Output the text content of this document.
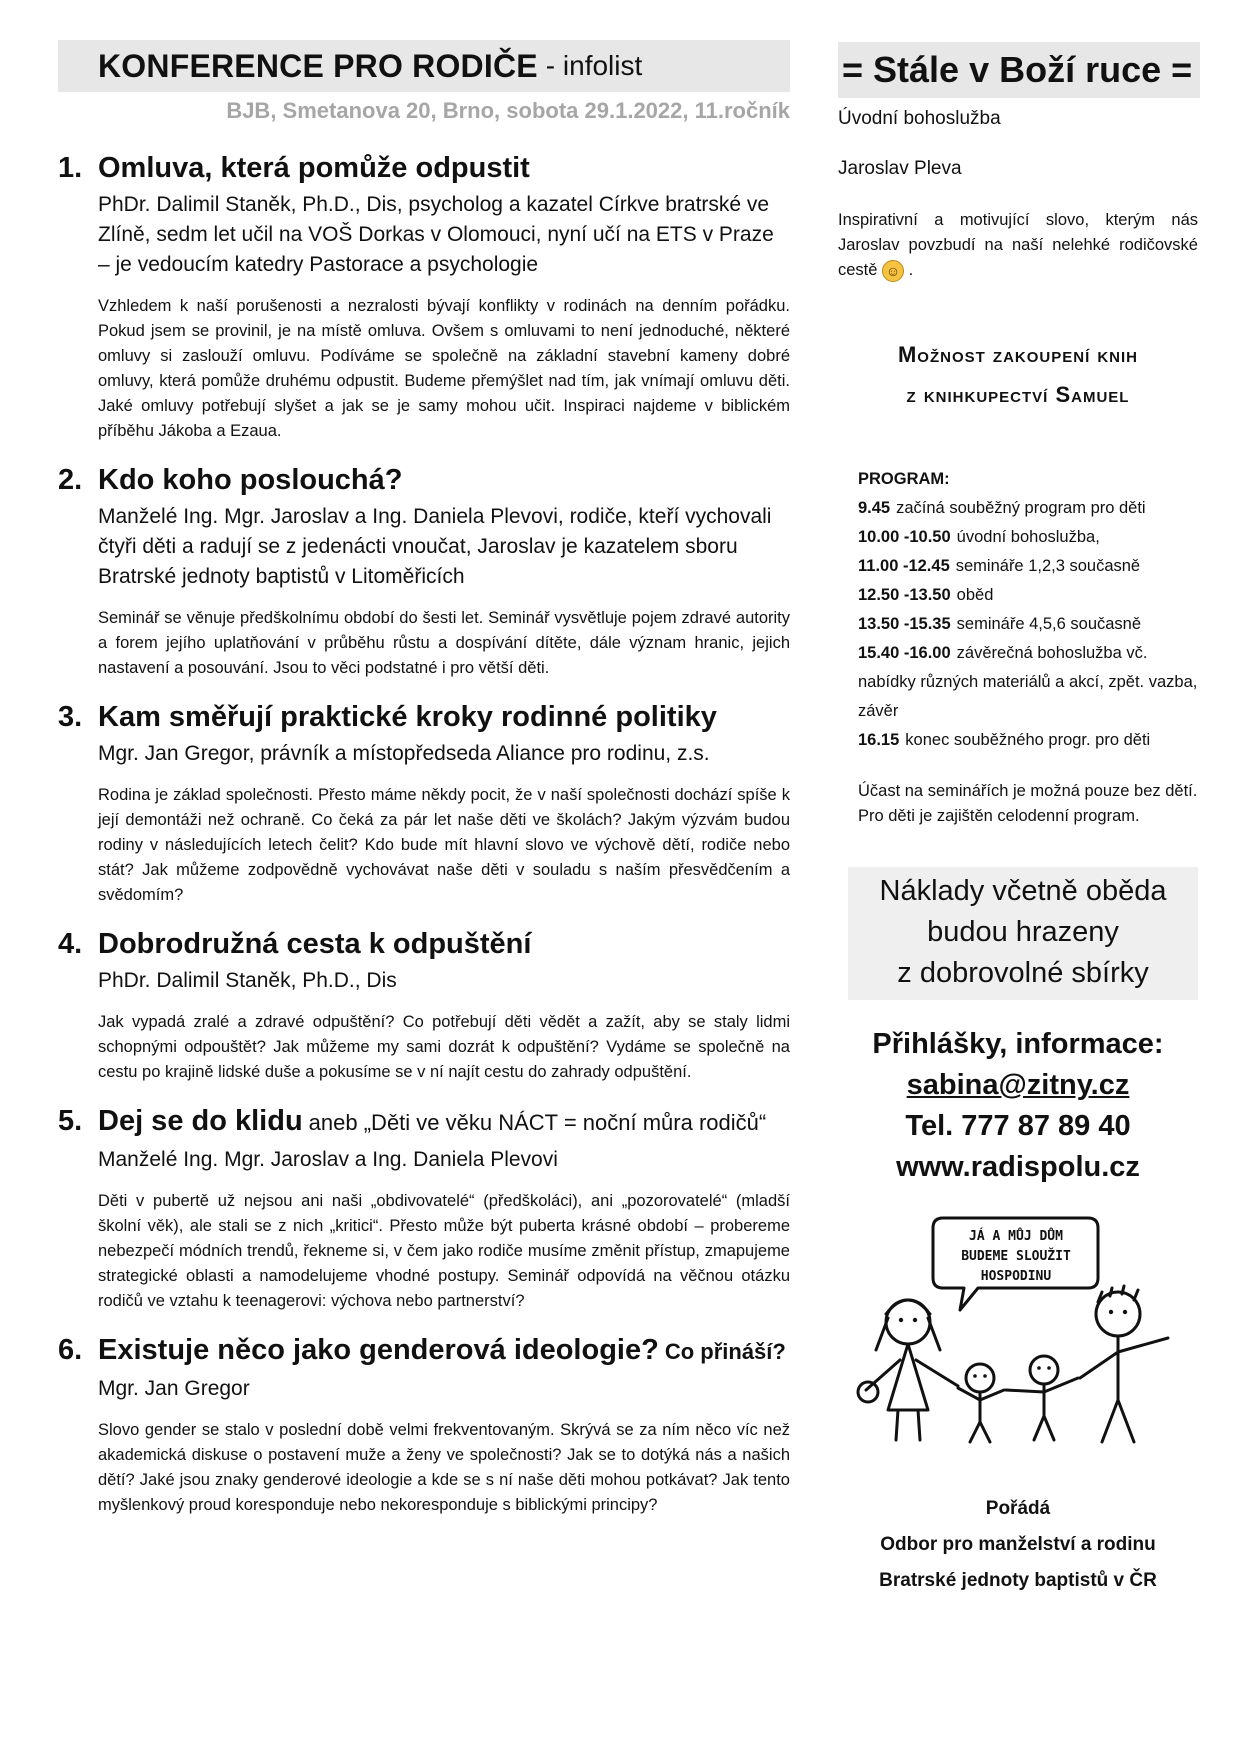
KONFERENCE PRO RODIČE - infolist
BJB, Smetanova 20, Brno, sobota 29.1.2022, 11.ročník
1. Omluva, která pomůže odpustit
PhDr. Dalimil Staněk, Ph.D., Dis, psycholog a kazatel Církve bratrské ve Zlíně, sedm let učil na VOŠ Dorkas v Olomouci, nyní učí na ETS v Praze – je vedoucím katedry Pastorace a psychologie
Vzhledem k naší porušenosti a nezralosti bývají konflikty v rodinách na denním pořádku. Pokud jsem se provinil, je na místě omluva. Ovšem s omluvami to není jednoduché, některé omluvy si zaslouží omluvu. Podíváme se společně na základní stavební kameny dobré omluvy, která pomůže druhému odpustit. Budeme přemýšlet nad tím, jak vnímají omluvu děti. Jaké omluvy potřebují slyšet a jak se je samy mohou učit. Inspiraci najdeme v biblickém příběhu Jákoba a Ezaua.
2. Kdo koho poslouchá?
Manželé Ing. Mgr. Jaroslav a Ing. Daniela Plevovi, rodiče, kteří vychovali čtyři děti a radují se z jedenácti vnoučat, Jaroslav je kazatelem sboru Bratrské jednoty baptistů v Litoměřicích
Seminář se věnuje předškolnímu období do šesti let. Seminář vysvětluje pojem zdravé autority a forem jejího uplatňování v průběhu růstu a dospívání dítěte, dále význam hranic, jejich nastavení a posouvání. Jsou to věci podstatné i pro větší děti.
3. Kam směřují praktické kroky rodinné politiky
Mgr. Jan Gregor, právník a místopředseda Aliance pro rodinu, z.s.
Rodina je základ společnosti. Přesto máme někdy pocit, že v naší společnosti dochází spíše k její demontáži než ochraně. Co čeká za pár let naše děti ve školách? Jakým výzvám budou rodiny v následujících letech čelit? Kdo bude mít hlavní slovo ve výchově dětí, rodiče nebo stát? Jak můžeme zodpovědně vychovávat naše děti v souladu s naším přesvědčením a svědomím?
4. Dobrodružná cesta k odpuštění
PhDr. Dalimil Staněk, Ph.D., Dis
Jak vypadá zralé a zdravé odpuštění? Co potřebují děti vědět a zažít, aby se staly lidmi schopnými odpouštět? Jak můžeme my sami dozrát k odpuštění? Vydáme se společně na cestu po krajině lidské duše a pokusíme se v ní najít cestu do zahrady odpuštění.
5. Dej se do klidu aneb „Děti ve věku NÁCT = noční můra rodičů“
Manželé Ing. Mgr. Jaroslav a Ing. Daniela Plevovi
Děti v pubertě už nejsou ani naši „obdivovatelé“ (předškoláci), ani „pozorovatelé“ (mladší školní věk), ale stali se z nich „kritici“. Přesto může být puberta krásné období – probereme nebezpečí módních trendů, řekneme si, v čem jako rodiče musíme změnit přístup, zmapujeme strategické oblasti a namodelujeme vhodné postupy. Seminář odpovídá na věčnou otázku rodičů ve vztahu k teenagerovi: výchova nebo partnerství?
6. Existuje něco jako genderová ideologie? Co přináší?
Mgr. Jan Gregor
Slovo gender se stalo v poslední době velmi frekventovaným. Skrývá se za ním něco víc než akademická diskuse o postavení muže a ženy ve společnosti? Jak se to dotýká nás a našich dětí? Jaké jsou znaky genderové ideologie a kde se s ní naše děti mohou potkávat? Jak tento myšlenkový proud koresponduje nebo nekoresponduje s biblickými principy?
= Stále v Boží ruce =
Úvodní bohoslužba
Jaroslav Pleva
Inspirativní a motivující slovo, kterým nás Jaroslav povzbudí na naší nelehké rodičovské cestě ☺ .
Možnost zakoupení knih
z knihkupectví Samuel
PROGRAM:
9.45 začíná souběžný program pro děti
10.00 -10.50 úvodní bohoslužba,
11.00 -12.45 semináře 1,2,3 současně
12.50 -13.50 oběd
13.50 -15.35 semináře 4,5,6 současně
15.40 -16.00 závěrečná bohoslužba vč. nabídky různých materiálů a akcí, zpět. vazba, závěr
16.15 konec souběžného progr. pro děti
Účast na seminářích je možná pouze bez dětí. Pro děti je zajištěn celodenní program.
Náklady včetně oběda
budou hrazeny
z dobrovolné sbírky
Přihlášky, informace:
sabina@zitny.cz
Tel. 777 87 89 40
www.radispolu.cz
JÁ A MŮJ DŮM
BUDEME SLOUŽIT
HOSPODINU
Pořádá
Odbor pro manželství a rodinu
Bratrské jednoty baptistů v ČR
